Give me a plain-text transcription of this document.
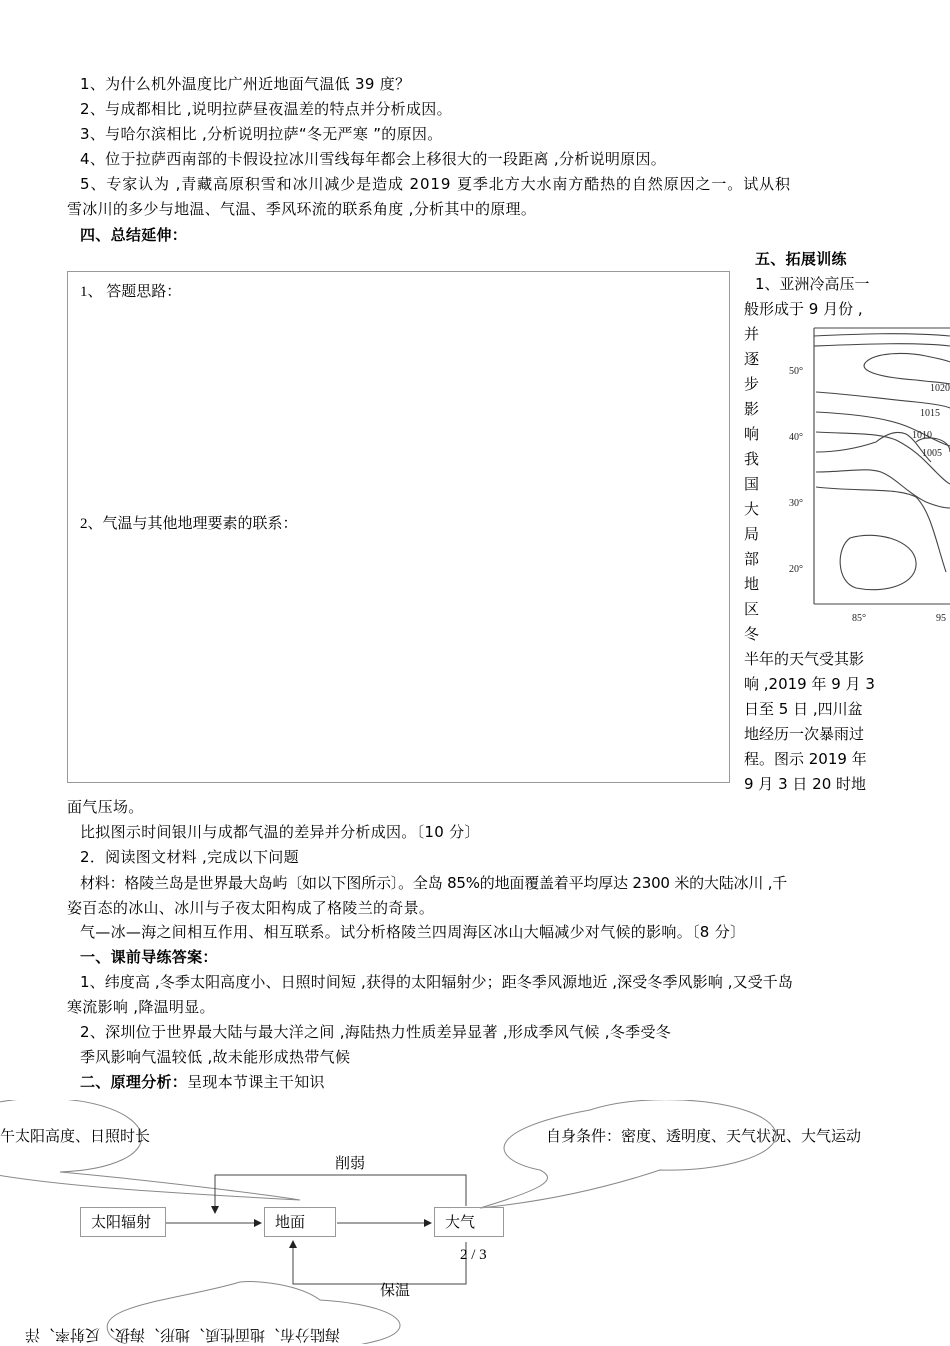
1、为什么机外温度比广州近地面气温低 39 度？
2、与成都相比 ,说明拉萨昼夜温差的特点并分析成因。
3、与哈尔滨相比 ,分析说明拉萨“冬无严寒 ”的原因。
4、位于拉萨西南部的卡假设拉冰川雪线每年都会上移很大的一段距离 ,分析说明原因。
5、专家认为 ,青藏高原积雪和冰川减少是造成 2019 夏季北方大水南方酷热的自然原因之一。试从积
雪冰川的多少与地温、气温、季风环流的联系角度 ,分析其中的原理。
四、总结延伸：
1、 答题思路：
2、气温与其他地理要素的联系：
五、拓展训练
1、亚洲冷高压一
般形成于 9 月份 ,
并
逐
步
影
响
我
国
大
局
部
地
区
冬
半年的天气受其影
响 ,2019 年 9 月 3
日至 5 日 ,四川盆
地经历一次暴雨过
程。图示 2019 年
9 月 3 日 20 时地
50°
40°
30°
20°
85°	95
1020
1015
1010
1005
面气压场。
比拟图示时间银川与成都气温的差异并分析成因。〔10 分〕
2．阅读图文材料 ,完成以下问题
材料：格陵兰岛是世界最大岛屿〔如以下图所示〕。全岛 85%的地面覆盖着平均厚达 2300 米的大陆冰川 ,千
姿百态的冰山、冰川与子夜太阳构成了格陵兰的奇景。
气—冰—海之间相互作用、相互联系。试分析格陵兰四周海区冰山大幅减少对气候的影响。〔8 分〕
一、课前导练答案：
1、纬度高 ,冬季太阳高度小、日照时间短 ,获得的太阳辐射少；距冬季风源地近 ,深受冬季风影响 ,又受千岛
寒流影响 ,降温明显。
2、深圳位于世界最大陆与最大洋之间 ,海陆热力性质差异显著 ,形成季风气候 ,冬季受冬
季风影响气温较低 ,故未能形成热带气候
二、原理分析：呈现本节课主干知识
午太阳高度、日照时长	自身条件：密度、透明度、天气状况、大气运动
削弱
太阳辐射	地面	大气
2 / 3
保温
海陆分布、地面性质、地形、海拔、反射率、洋
